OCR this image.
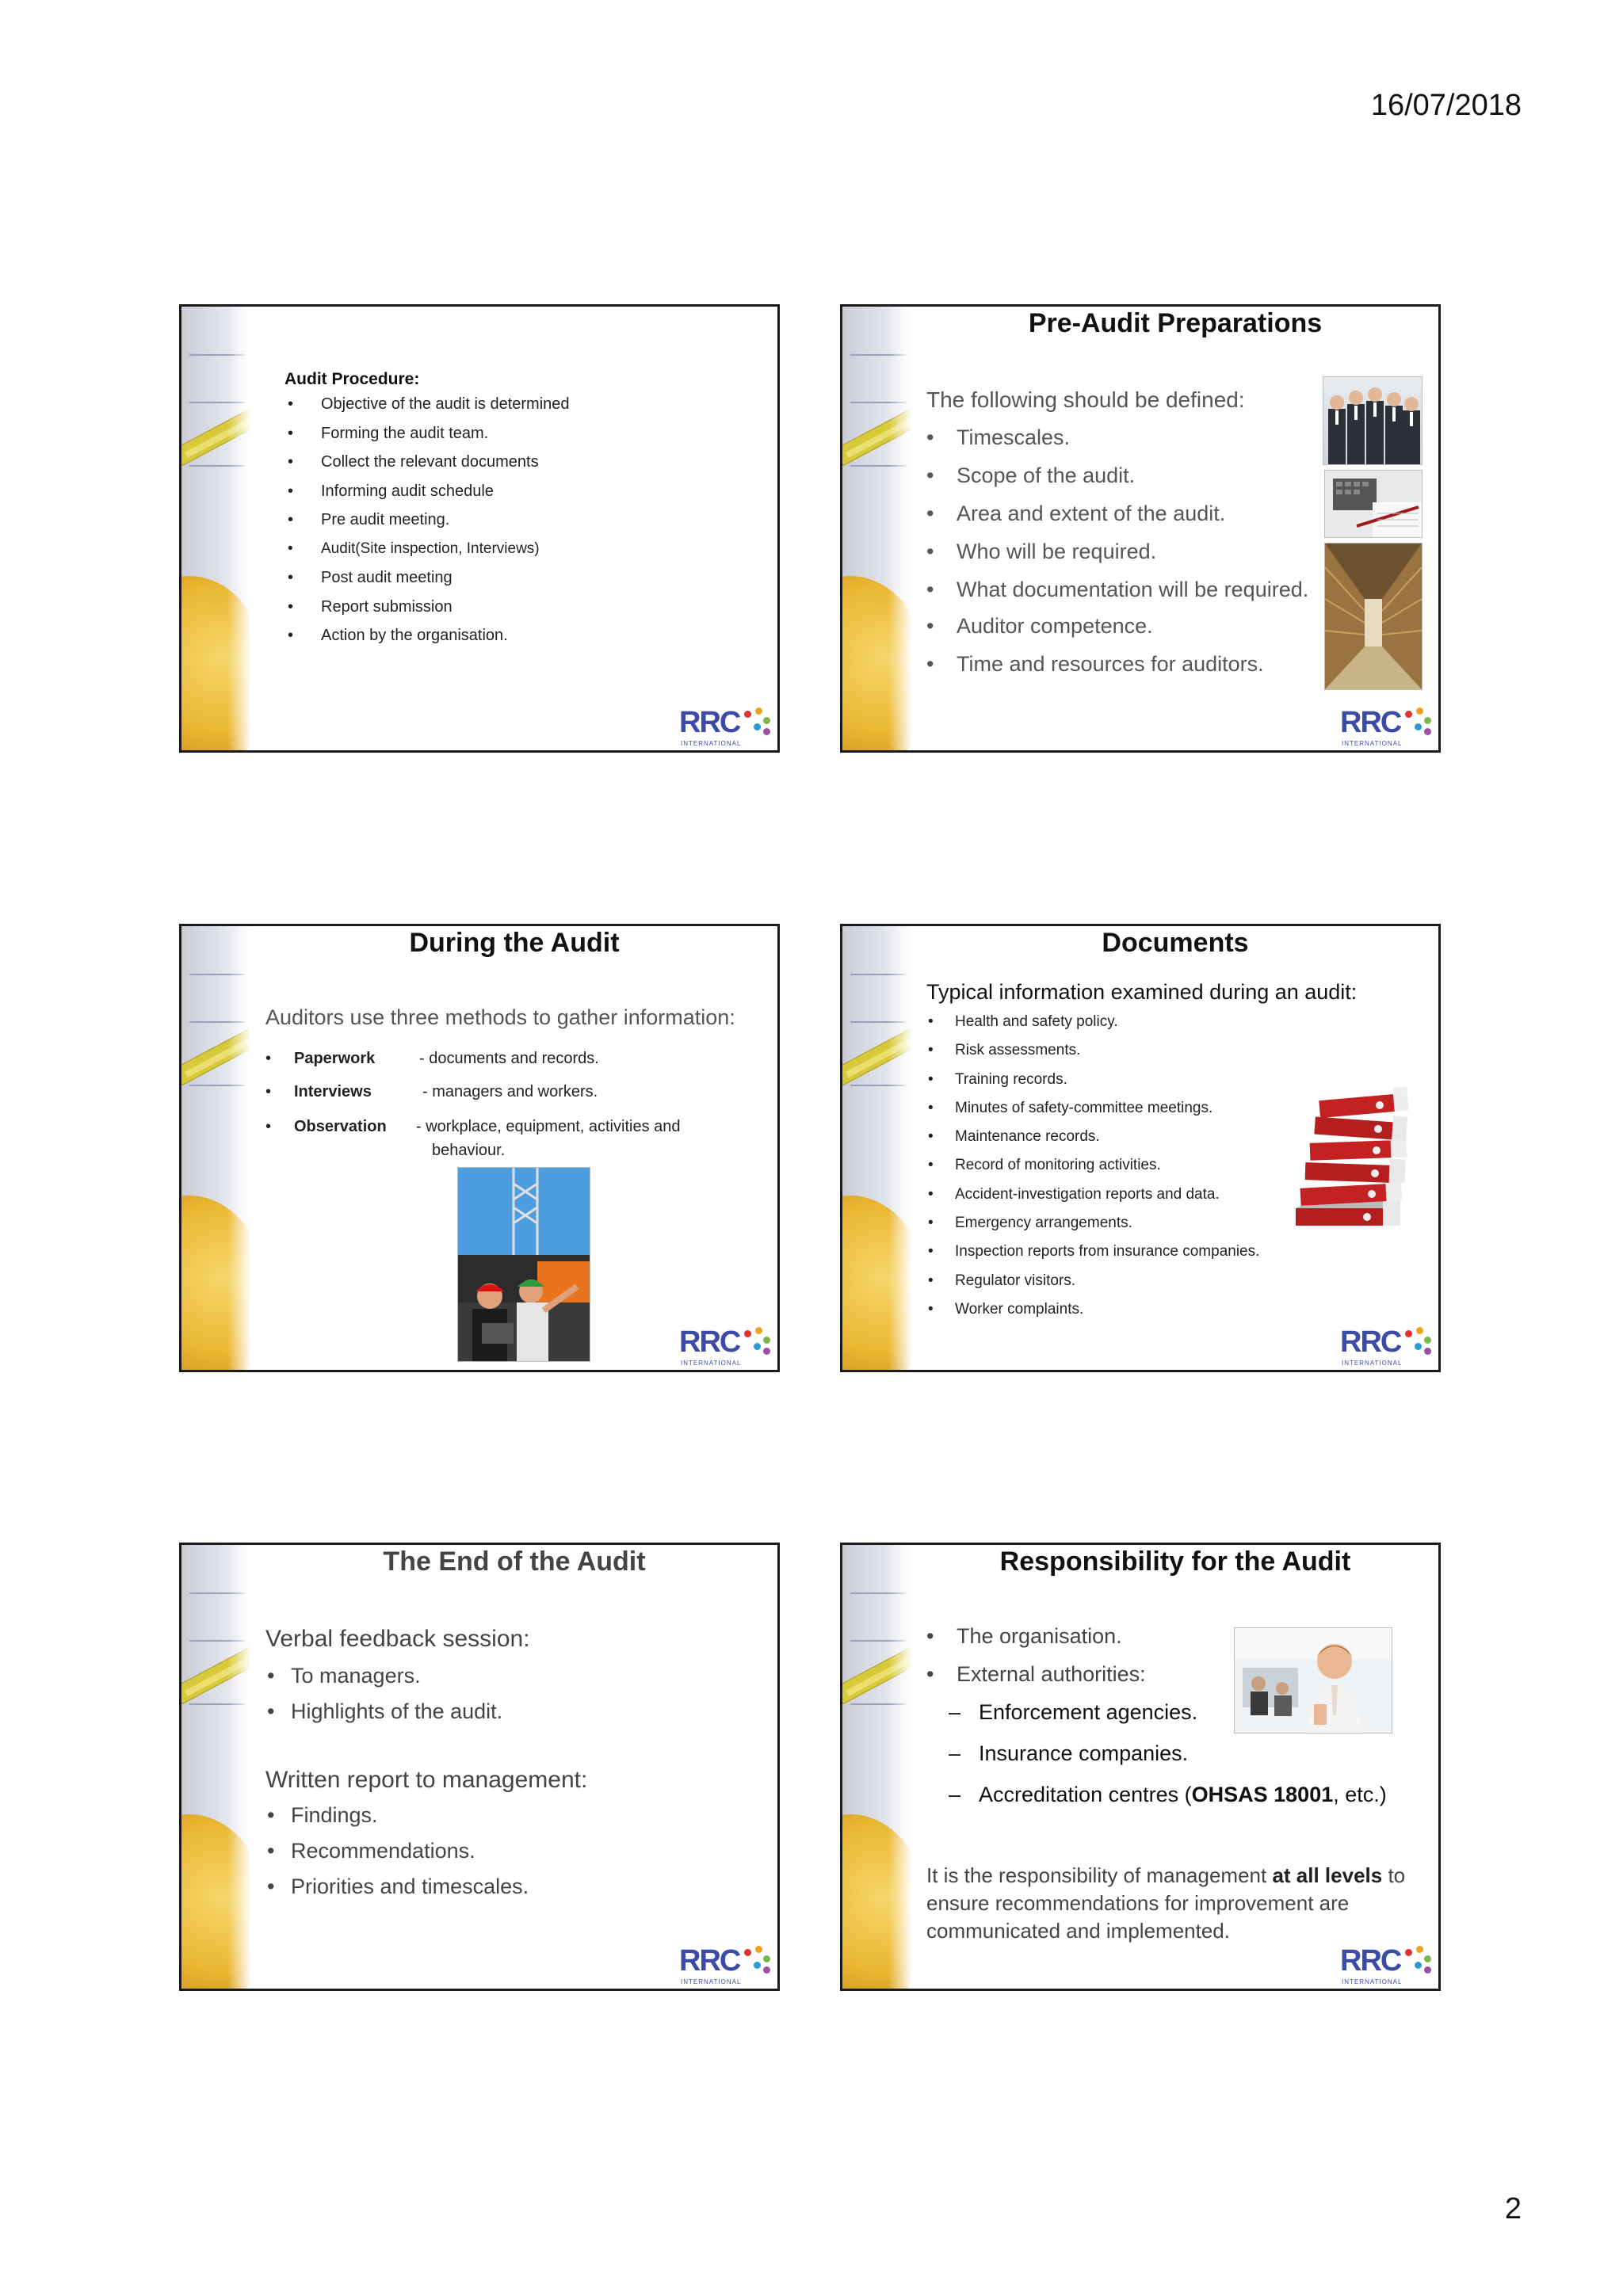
16/07/2018
Audit Procedure:
• Objective of the audit is determined
• Forming the audit team.
• Collect the relevant documents
• Informing audit schedule
• Pre audit meeting.
• Audit(Site inspection, Interviews)
• Post audit meeting
• Report submission
• Action by the organisation.
RRC
INTERNATIONAL
Pre-Audit Preparations
The following should be defined:
• Timescales.
• Scope of the audit.
• Area and extent of the audit.
• Who will be required.
• What documentation will be required.
• Auditor competence.
• Time and resources for auditors.
RRC
INTERNATIONAL
During the Audit
Auditors use three methods to gather information:
• Paperwork	- documents and records.
• Interviews	- managers and workers.
• Observation - workplace, equipment, activities and
behaviour.
RRC
INTERNATIONAL
Documents
Typical information examined during an audit:
• Health and safety policy.
• Risk assessments.
• Training records.
• Minutes of safety-committee meetings.
• Maintenance records.
• Record of monitoring activities.
• Accident-investigation reports and data.
• Emergency arrangements.
• Inspection reports from insurance companies.
• Regulator visitors.
• Worker complaints.
RRC
INTERNATIONAL
The End of the Audit
Verbal feedback session:
• To managers.
• Highlights of the audit.
Written report to management:
• Findings.
• Recommendations.
• Priorities and timescales.
RRC
INTERNATIONAL
Responsibility for the Audit
• The organisation.
• External authorities:
– Enforcement agencies.
– Insurance companies.
– Accreditation centres (OHSAS 18001, etc.)
It is the responsibility of management at all levels to ensure recommendations for improvement are communicated and implemented.
RRC
INTERNATIONAL
2
